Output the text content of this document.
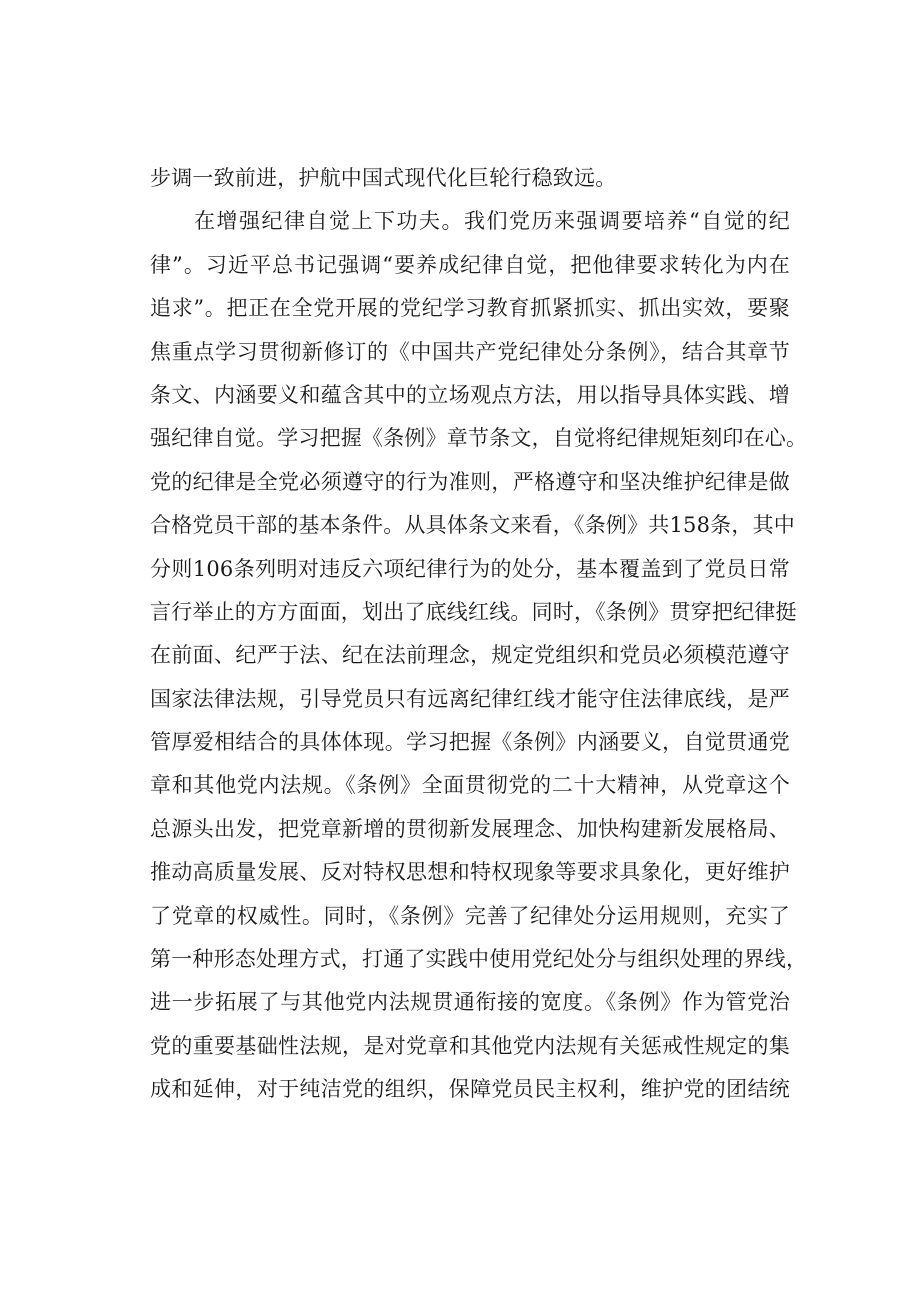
步调一致前进，护航中国式现代化巨轮行稳致远。
在增强纪律自觉上下功夫。我们党历来强调要培养“自觉的纪
律”。习近平总书记强调“要养成纪律自觉，把他律要求转化为内在
追求”。把正在全党开展的党纪学习教育抓紧抓实、抓出实效，要聚
焦重点学习贯彻新修订的《中国共产党纪律处分条例》，结合其章节
条文、内涵要义和蕴含其中的立场观点方法，用以指导具体实践、增
强纪律自觉。学习把握《条例》章节条文，自觉将纪律规矩刻印在心。
党的纪律是全党必须遵守的行为准则，严格遵守和坚决维护纪律是做
合格党员干部的基本条件。从具体条文来看，《条例》共158条，其中
分则106条列明对违反六项纪律行为的处分，基本覆盖到了党员日常
言行举止的方方面面，划出了底线红线。同时，《条例》贯穿把纪律挺
在前面、纪严于法、纪在法前理念，规定党组织和党员必须模范遵守
国家法律法规，引导党员只有远离纪律红线才能守住法律底线，是严
管厚爱相结合的具体体现。学习把握《条例》内涵要义，自觉贯通党
章和其他党内法规。《条例》全面贯彻党的二十大精神，从党章这个
总源头出发，把党章新增的贯彻新发展理念、加快构建新发展格局、
推动高质量发展、反对特权思想和特权现象等要求具象化，更好维护
了党章的权威性。同时，《条例》完善了纪律处分运用规则，充实了
第一种形态处理方式，打通了实践中使用党纪处分与组织处理的界线，
进一步拓展了与其他党内法规贯通衔接的宽度。《条例》作为管党治
党的重要基础性法规，是对党章和其他党内法规有关惩戒性规定的集
成和延伸，对于纯洁党的组织，保障党员民主权利，维护党的团结统
